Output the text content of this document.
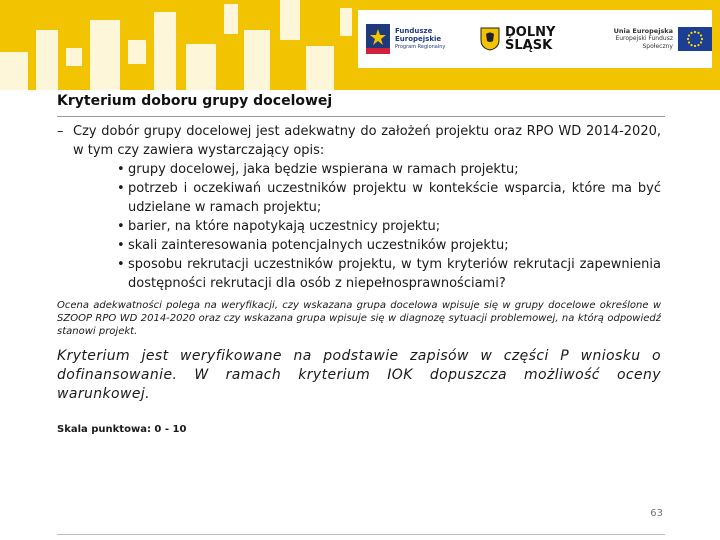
Fundusze
Europejskie
Program Regionalny
DOLNY
ŚLĄSK
Unia Europejska
Europejski Fundusz Społeczny
Kryterium doboru grupy docelowej

– Czy dobór grupy docelowej jest adekwatny do założeń projektu oraz RPO WD 2014-2020, w tym czy zawiera wystarczający opis:

• grupy docelowej, jaka będzie wspierana w ramach projektu;
• potrzeb i oczekiwań uczestników projektu w kontekście wsparcia, które ma być udzielane w ramach projektu;
• barier, na które napotykają uczestnicy projektu;
• skali zainteresowania potencjalnych uczestników projektu;
• sposobu rekrutacji uczestników projektu, w tym kryteriów rekrutacji zapewnienia dostępności rekrutacji dla osób z niepełnosprawnościami?

Ocena adekwatności polega na weryfikacji, czy wskazana grupa docelowa wpisuje się w grupy docelowe określone w SZOOP RPO WD 2014-2020 oraz czy wskazana grupa wpisuje się w diagnozę sytuacji problemowej, na którą odpowiedź stanowi projekt.

Kryterium jest weryfikowane na podstawie zapisów w części P wniosku o dofinansowanie. W ramach kryterium IOK dopuszcza możliwość oceny warunkowej.

Skala punktowa: 0 - 10

63
